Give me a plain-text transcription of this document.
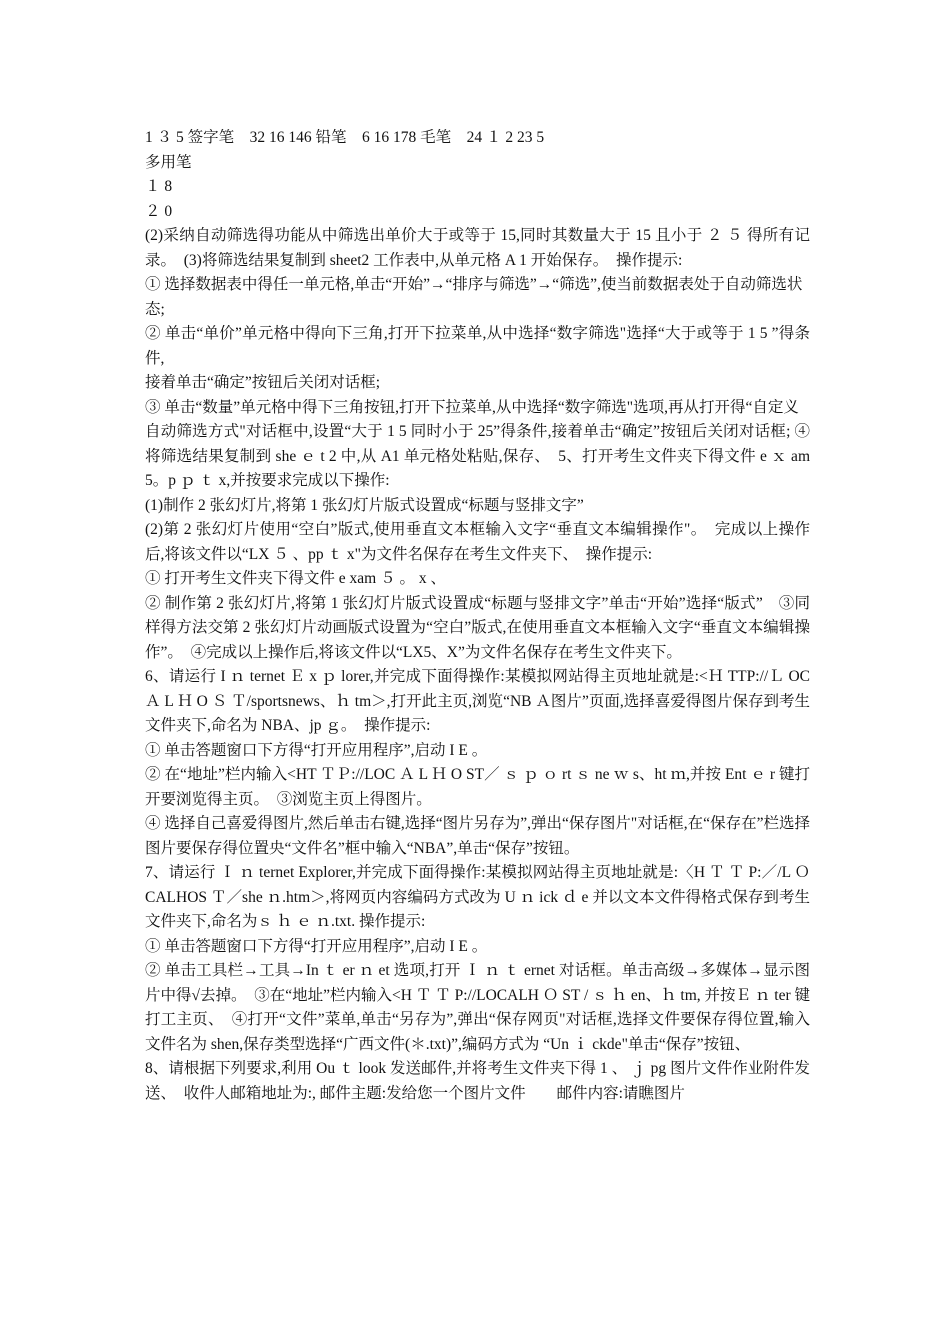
1 ３ 5 签字笔　32 16 146 铅笔　6 16 178 毛笔　24 １ 2 23 5
多用笔
１ 8
２ 0
(2)采纳自动筛选得功能从中筛选出单价大于或等于 15,同时其数量大于 15 且小于 ２ ５ 得所有记录。　(3)将筛选结果复制到 sheet2 工作表中,从单元格 A 1 开始保存。　操作提示:
① 选择数据表中得任一单元格,单击“开始”→“排序与筛选”→“筛选”,使当前数据表处于自动筛选状
态;
② 单击“单价”单元格中得向下三角,打开下拉菜单,从中选择“数字筛选"选择“大于或等于 1 5 ”得条件,
接着单击“确定”按钮后关闭对话框;
③ 单击“数量”单元格中得下三角按钮,打开下拉菜单,从中选择“数字筛选"选项,再从打开得“自定义
自动筛选方式"对话框中,设置“大于 1 5 同时小于 25”得条件,接着单击“确定”按钮后关闭对话框; ④ 将筛选结果复制到 she ｅ t 2 中,从 A1 单元格处粘贴,保存、　5、打开考生文件夹下得文件 e ｘ am5。p ｐ ｔ x,并按要求完成以下操作:
(1)制作 2 张幻灯片,将第 1 张幻灯片版式设置成“标题与竖排文字”
(2)第 2 张幻灯片使用“空白”版式,使用垂直文本框输入文字“垂直文本编辑操作"。　完成以上操作后,将该文件以“LX ５ 、pp ｔ x"为文件名保存在考生文件夹下、　操作提示:
① 打开考生文件夹下得文件 e xam ５ 。 x 、
② 制作第 2 张幻灯片,将第 1 张幻灯片版式设置成“标题与竖排文字”单击“开始”选择“版式”　③同样得方法交第 2 张幻灯片动画版式设置为“空白”版式,在使用垂直文本框输入文字“垂直文本编辑操作”。　④完成以上操作后,将该文件以“LX5、X”为文件名保存在考生文件夹下。
6、请运行 I ｎ ternet Ｅ x ｐ lorer,并完成下面得操作:某模拟网站得主页地址就是:<Ｈ TTP://Ｌ OC Ａ L Ｈ O Ｓ Ｔ/sportsnews、ｈ tm＞,打开此主页,浏览“NB Ａ图片”页面,选择喜爱得图片保存到考生文件夹下,命名为 NBA、jp ｇ。　操作提示:
① 单击答题窗口下方得“打开应用程序”,启动 I E 。
② 在“地址”栏内输入<HT ＴＰ://LOC Ａ L Ｈ O ST／ ｓ ｐ ｏ rt ｓ ne ｗ s、ht ｍ,并按 Ent ｅ r 键打开要浏览得主页。　③浏览主页上得图片。
④ 选择自己喜爱得图片,然后单击右键,选择“图片另存为”,弹出“保存图片"对话框,在“保存在”栏选择图片要保存得位置央“文件名”框中输入“NBA”,单击“保存”按钮。
7、请运行 Ｉ ｎ ternet Explorer,并完成下面得操作:某模拟网站得主页地址就是:〈H Ｔ Ｔ P:／/L Ｏ CALHOS Ｔ／she ｎ.htm＞,将网页内容编码方式改为 U ｎ ick ｄ e 并以文本文件得格式保存到考生文件夹下,命名为ｓ ｈ ｅ ｎ.txt. 操作提示:
① 单击答题窗口下方得“打开应用程序”,启动 I E 。
② 单击工具栏→工具→In ｔ er ｎ et 选项,打开 Ｉ ｎ ｔ ernet 对话框。单击高级→多媒体→显示图片中得√去掉。　③在“地址”栏内输入<H Ｔ Ｔ P://LOCALH Ｏ ST / ｓ ｈ en、ｈ tm, 并按Ｅ ｎ ter 键打工主页、　④打开“文件”菜单,单击“另存为”,弹出“保存网页"对话框,选择文件要保存得位置,输入文件名为 shen,保存类型选择“广西文件(＊.txt)”,编码方式为 “Un ｉ ckde"单击“保存”按钮、
8、请根据下列要求,利用 Ou ｔ look 发送邮件,并将考生文件夹下得 1 、 ｊ pg 图片文件作业附件发送、　收件人邮箱地址为:, 邮件主题:发给您一个图片文件　　邮件内容:请瞧图片
